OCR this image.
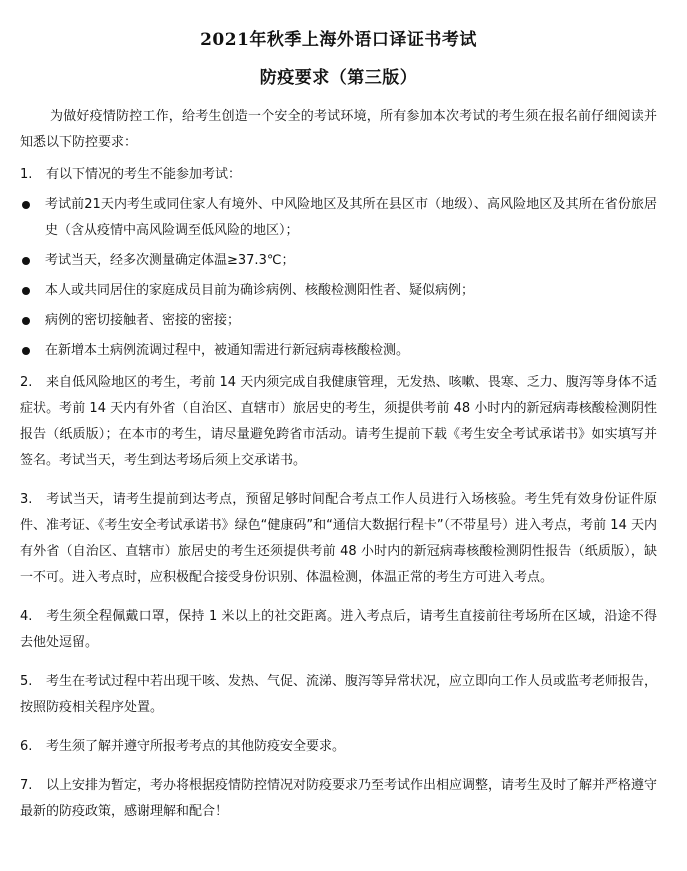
2021年秋季上海外语口译证书考试
防疫要求（第三版）

为做好疫情防控工作，给考生创造一个安全的考试环境，所有参加本次考试的考生须在报名前仔细阅读并知悉以下防控要求：

1. 有以下情况的考生不能参加考试：

考试前21天内考生或同住家人有境外、中风险地区及其所在县区市（地级）、高风险地区及其所在省份旅居史（含从疫情中高风险调至低风险的地区）；
考试当天，经多次测量确定体温≥37.3℃；
本人或共同居住的家庭成员目前为确诊病例、核酸检测阳性者、疑似病例；
病例的密切接触者、密接的密接；
在新增本土病例流调过程中，被通知需进行新冠病毒核酸检测。

2. 来自低风险地区的考生，考前 14 天内须完成自我健康管理，无发热、咳嗽、畏寒、乏力、腹泻等身体不适症状。考前 14 天内有外省（自治区、直辖市）旅居史的考生，须提供考前 48 小时内的新冠病毒核酸检测阴性报告（纸质版）；在本市的考生，请尽量避免跨省市活动。请考生提前下载《考生安全考试承诺书》如实填写并签名。考试当天，考生到达考场后须上交承诺书。

3. 考试当天，请考生提前到达考点，预留足够时间配合考点工作人员进行入场核验。考生凭有效身份证件原件、准考证、《考生安全考试承诺书》绿色“健康码”和“通信大数据行程卡”（不带星号）进入考点，考前 14 天内有外省（自治区、直辖市）旅居史的考生还须提供考前 48 小时内的新冠病毒核酸检测阴性报告（纸质版），缺一不可。进入考点时，应积极配合接受身份识别、体温检测，体温正常的考生方可进入考点。

4. 考生须全程佩戴口罩，保持 1 米以上的社交距离。进入考点后，请考生直接前往考场所在区域，沿途不得去他处逗留。

5. 考生在考试过程中若出现干咳、发热、气促、流涕、腹泻等异常状况，应立即向工作人员或监考老师报告，按照防疫相关程序处置。

6. 考生须了解并遵守所报考考点的其他防疫安全要求。

7. 以上安排为暂定，考办将根据疫情防控情况对防疫要求乃至考试作出相应调整，请考生及时了解并严格遵守最新的防疫政策，感谢理解和配合！
